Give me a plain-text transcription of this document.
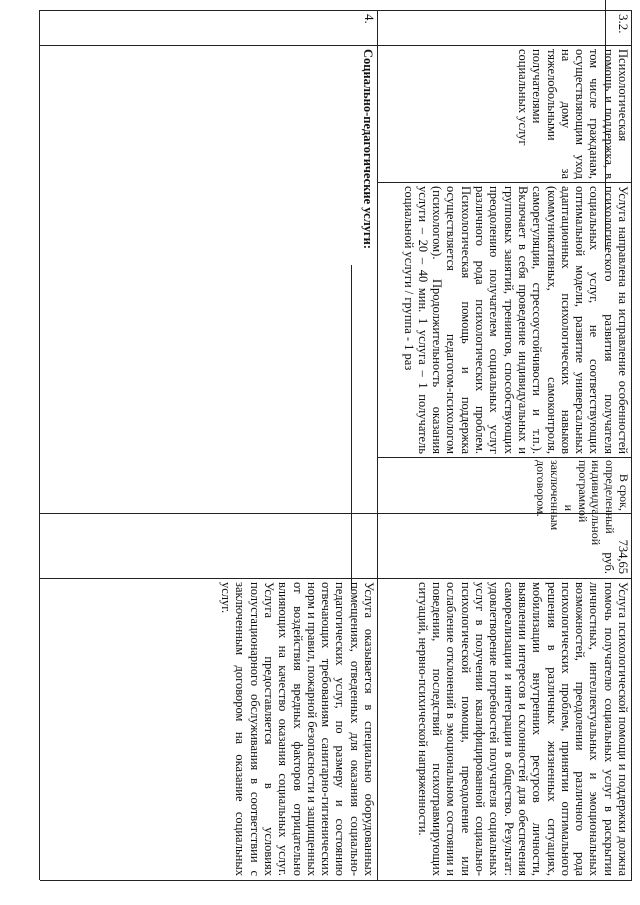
3.2.
Психологическая помощь и поддержка, в том числе гражданам, осуществляющим уход на дому за тяжелобольными получателями социальных услуг
Услуга направлена на исправление особенностей психологического развития получателя социальных услуг, не соответствующих оптимальной модели, развитие универсальных адаптационных психологических навыков (коммуникативных, самоконтроля, саморегуляции, стрессоустойчивости и т.п.). Включает в себя проведение индивидуальных и групповых занятий, тренингов, способствующих преодолению получателем социальных услуг различного рода психологических проблем. Психологическая помощь и поддержка осуществляется педагогом-психологом (психологом). Продолжительность оказания услуги – 20 – 40 мин. 1 услуга – 1 получатель социальной услуги / группа - 1 раз
В срок, определенный индивидуальной программой и заключенным договором.
734,65 руб.
Услуга психологической помощи и поддержки должна помочь получателю социальных услуг в раскрытии личностных, интеллектуальных и эмоциональных возможностей, преодолении различного рода психологических проблем, принятии оптимального решения в различных жизненных ситуациях, мобилизации внутренних ресурсов личности, выявлении интересов и склонностей для обеспечения самореализации и интеграции в общество. Результат: удовлетворение потребностей получателя социальных услуг в получении квалифицированной социально-психологической помощи, преодоление или ослабление отклонений в эмоциональном состоянии и поведении, последствий психотравмирующих ситуаций, нервно-психической напряженности.
4.
Социально-педагогические услуги:
Услуга оказывается в специально оборудованных помещениях, отведенных для оказания социально-педагогических услуг, по размеру и состоянию отвечающих требованиям санитарно-гигиенических норм и правил, пожарной безопасности и защищенных от воздействия вредных факторов отрицательно влияющих на качество оказания социальных услуг. Услуга предоставляется в условиях полустационарного обслуживания в соответствии с заключенным договором на оказание социальных услуг.
